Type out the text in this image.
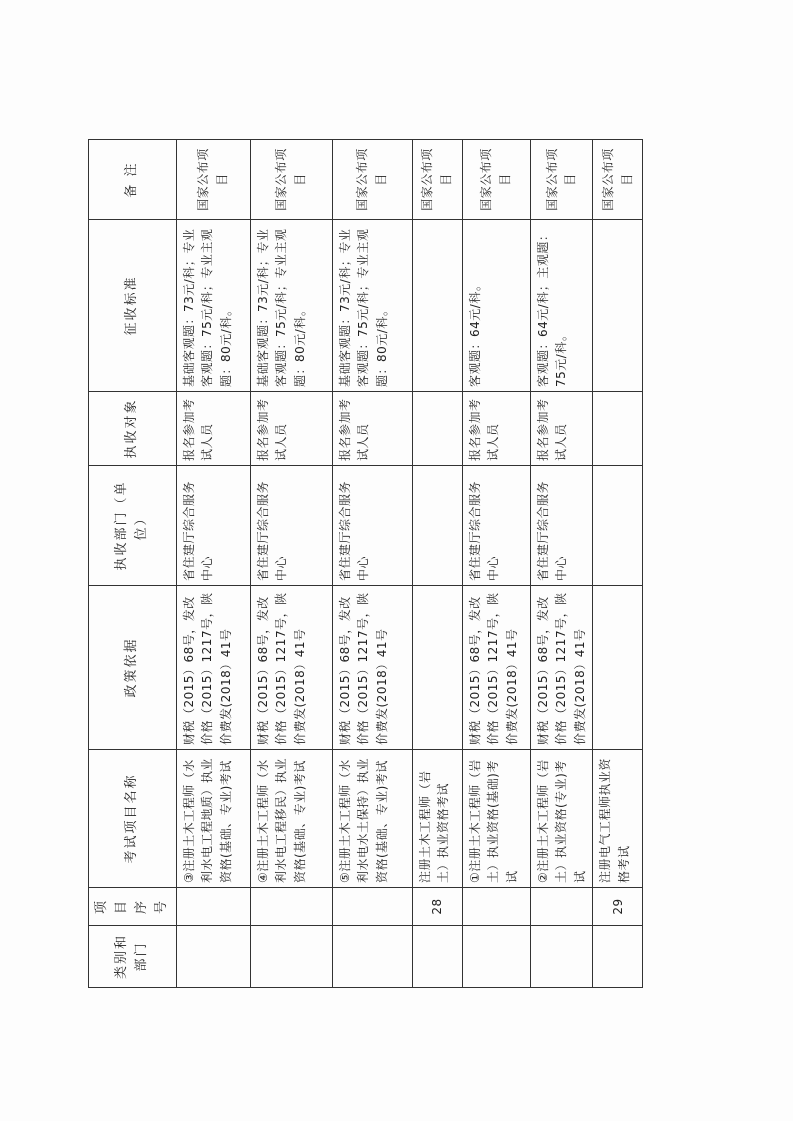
类别和部门	项目序号	考试项目名称	政策依据	执收部门（单位）	执收对象	征收标准	备 注
		③注册土木工程师（水利水电工程地质）执业资格(基础、专业)考试	财税（2015）68号，发改价格（2015）1217号，陕价费发(2018）41号	省住建厅综合服务中心	报名参加考试人员	基础客观题：73元/科；专业客观题：75元/科；专业主观题：80元/科。	国家公布项目
		④注册土木工程师（水利水电工程移民）执业资格(基础、专业)考试	财税（2015）68号，发改价格（2015）1217号，陕价费发(2018）41号	省住建厅综合服务中心	报名参加考试人员	基础客观题：73元/科；专业客观题：75元/科；专业主观题：80元/科。	国家公布项目
		⑤注册土木工程师（水利水电水土保持）执业资格(基础、专业)考试	财税（2015）68号，发改价格（2015）1217号，陕价费发(2018）41号	省住建厅综合服务中心	报名参加考试人员	基础客观题：73元/科；专业客观题：75元/科；专业主观题：80元/科。	国家公布项目
	28	注册土木工程师（岩土）执业资格考试					国家公布项目
		①注册土木工程师（岩土）执业资格(基础)考试	财税（2015）68号，发改价格（2015）1217号，陕价费发(2018）41号	省住建厅综合服务中心	报名参加考试人员	客观题：64元/科。	国家公布项目
		②注册土木工程师（岩土）执业资格(专业)考试	财税（2015）68号，发改价格（2015）1217号，陕价费发(2018）41号	省住建厅综合服务中心	报名参加考试人员	客观题：64元/科；主观题：75元/科。	国家公布项目
	29	注册电气工程师执业资格考试					国家公布项目
